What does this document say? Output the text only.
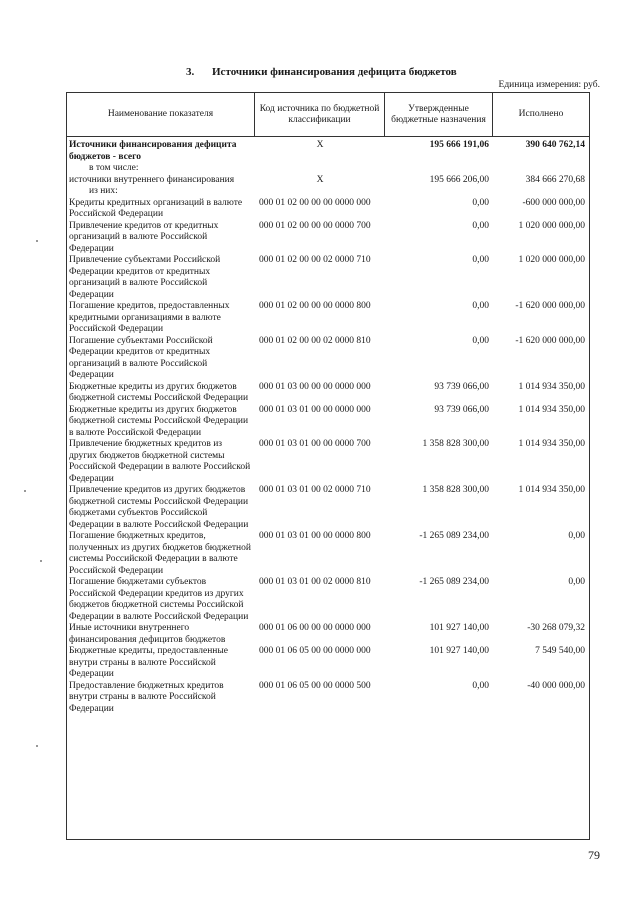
3. Источники финансирования дефицита бюджетов
Единица измерения: руб.
Наименование показателя
Код источника по бюджетной классификации
Утвержденные бюджетные назначения
Исполнено
Источники финансирования дефицита бюджетов - всего
Х	195 666 191,06	390 640 762,14
в том числе:
источники внутреннего финансирования	Х	195 666 206,00	384 666 270,68
из них:
Кредиты кредитных организаций в валюте Российской Федерации
000 01 02 00 00 00 0000 000	0,00	-600 000 000,00
Привлечение кредитов от кредитных организаций в валюте Российской Федерации
000 01 02 00 00 00 0000 700	0,00	1 020 000 000,00
Привлечение субъектами Российской Федерации кредитов от кредитных организаций в валюте Российской Федерации
000 01 02 00 00 02 0000 710	0,00	1 020 000 000,00
Погашение кредитов, предоставленных кредитными организациями в валюте Российской Федерации
000 01 02 00 00 00 0000 800	0,00	-1 620 000 000,00
Погашение субъектами Российской Федерации кредитов от кредитных организаций в валюте Российской Федерации
000 01 02 00 00 02 0000 810	0,00	-1 620 000 000,00
Бюджетные кредиты из других бюджетов бюджетной системы Российской Федерации
000 01 03 00 00 00 0000 000	93 739 066,00	1 014 934 350,00
Бюджетные кредиты из других бюджетов бюджетной системы Российской Федерации в валюте Российской Федерации
000 01 03 01 00 00 0000 000	93 739 066,00	1 014 934 350,00
Привлечение бюджетных кредитов из других бюджетов бюджетной системы Российской Федерации в валюте Российской Федерации
000 01 03 01 00 00 0000 700	1 358 828 300,00	1 014 934 350,00
Привлечение кредитов из других бюджетов бюджетной системы Российской Федерации бюджетами субъектов Российской Федерации в валюте Российской Федерации
000 01 03 01 00 02 0000 710	1 358 828 300,00	1 014 934 350,00
Погашение бюджетных кредитов, полученных из других бюджетов бюджетной системы Российской Федерации в валюте Российской Федерации
000 01 03 01 00 00 0000 800	-1 265 089 234,00	0,00
Погашение бюджетами субъектов Российской Федерации кредитов из других бюджетов бюджетной системы Российской Федерации в валюте Российской Федерации
000 01 03 01 00 02 0000 810	-1 265 089 234,00	0,00
Иные источники внутреннего финансирования дефицитов бюджетов
000 01 06 00 00 00 0000 000	101 927 140,00	-30 268 079,32
Бюджетные кредиты, предоставленные внутри страны в валюте Российской Федерации
000 01 06 05 00 00 0000 000	101 927 140,00	7 549 540,00
Предоставление бюджетных кредитов внутри страны в валюте Российской Федерации
000 01 06 05 00 00 0000 500	0,00	-40 000 000,00
79
